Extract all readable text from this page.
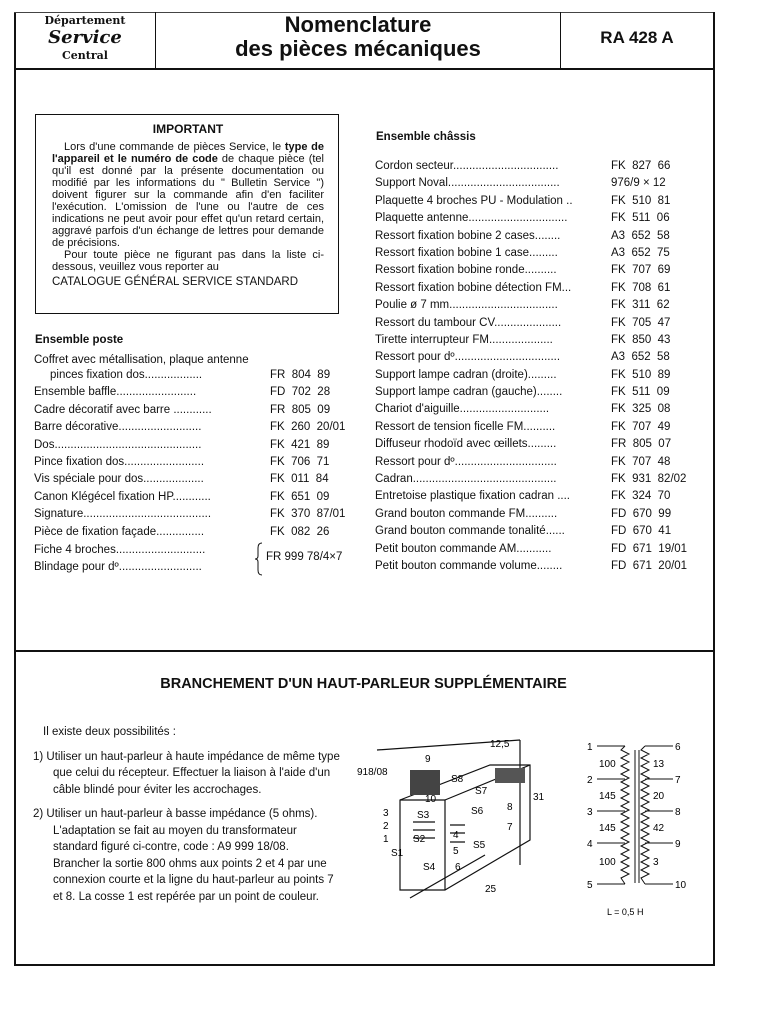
Département
Service
Central
Nomenclature
des pièces mécaniques	RA 428 A
IMPORTANT

Lors d'une commande de pièces Service, le type de l'appareil et le numéro de code de chaque pièce (tel qu'il est donné par la présente documentation ou modifié par les informations du " Bulletin Service ") doivent figurer sur la commande afin d'en faciliter l'exécution. L'omission de l'une ou l'autre de ces indications ne peut avoir pour effet qu'un retard certain, aggravé parfois d'un échange de lettres pour demande de précisions.

Pour toute pièce ne figurant pas dans la liste ci-dessous, veuillez vous reporter au

CATALOGUE GÉNÉRAL SERVICE STANDARD

Ensemble poste
Coffret avec métallisation, plaque antenne
pinces fixation dos..................	FR  804  89
Ensemble baffle.........................	FD  702  28
Cadre décoratif avec barre ............	FR  805  09
Barre décorative..........................	FK  260  20/01
Dos..............................................	FK  421  89
Pince fixation dos.........................	FK  706  71
Vis spéciale pour dos...................	FK  011  84
Canon Klégécel fixation HP............	FK  651  09
Signature........................................	FK  370  87/01
Pièce de fixation façade...............	FK  082  26
Fiche 4 broches............................
Blindage pour dº..........................
FR 999 78/4×7
Ensemble châssis
Cordon secteur.................................	FK  827  66
Support Noval...................................	976/9 × 12
Plaquette 4 broches PU - Modulation ..	FK  510  81
Plaquette antenne...............................	FK  511  06
Ressort fixation bobine 2 cases........	A3  652  58
Ressort fixation bobine 1 case.........	A3  652  75
Ressort fixation bobine ronde..........	FK  707  69
Ressort fixation bobine détection FM...	FK  708  61
Poulie ø 7 mm..................................	FK  311  62
Ressort du tambour CV.....................	FK  705  47
Tirette interrupteur FM....................	FK  850  43
Ressort pour dº.................................	A3  652  58
Support lampe cadran (droite).........	FK  510  89
Support lampe cadran (gauche)........	FK  511  09
Chariot d'aiguille............................	FK  325  08
Ressort de tension ficelle FM..........	FK  707  49
Diffuseur rhodoïd avec œillets.........	FR  805  07
Ressort pour dº................................	FK  707  48
Cadran.............................................	FK  931  82/02
Entretoise plastique fixation cadran ....	FK  324  70
Grand bouton commande FM..........	FD  670  99
Grand bouton commande tonalité......	FD  670  41
Petit bouton commande AM...........	FD  671  19/01
Petit bouton commande volume........	FD  671  20/01
BRANCHEMENT D'UN HAUT-PARLEUR SUPPLÉMENTAIRE

Il existe deux possibilités :

1) Utiliser un haut-parleur à haute impédance de même type que celui du récepteur. Effectuer la liaison à l'aide d'un câble blindé pour éviter les accrochages.

2) Utiliser un haut-parleur à basse impédance (5 ohms). L'adaptation se fait au moyen du transformateur standard figuré ci-contre, code : A9 999 18/08.

Brancher la sortie 800 ohms aux points 2 et 4 par une connexion courte et la ligne du haut-parleur au points 7 et 8. La cosse 1 est repérée par un point de couleur.

918/08
12,5
31
25
S1
S2
S3
S4
S5
S6
S7
S8
1
2
3
4
5
6
7
8
9
10
1
2
3
4
5
100
145
145
100
6
7
8
9
10
13
20
42
3
L = 0,5 H
